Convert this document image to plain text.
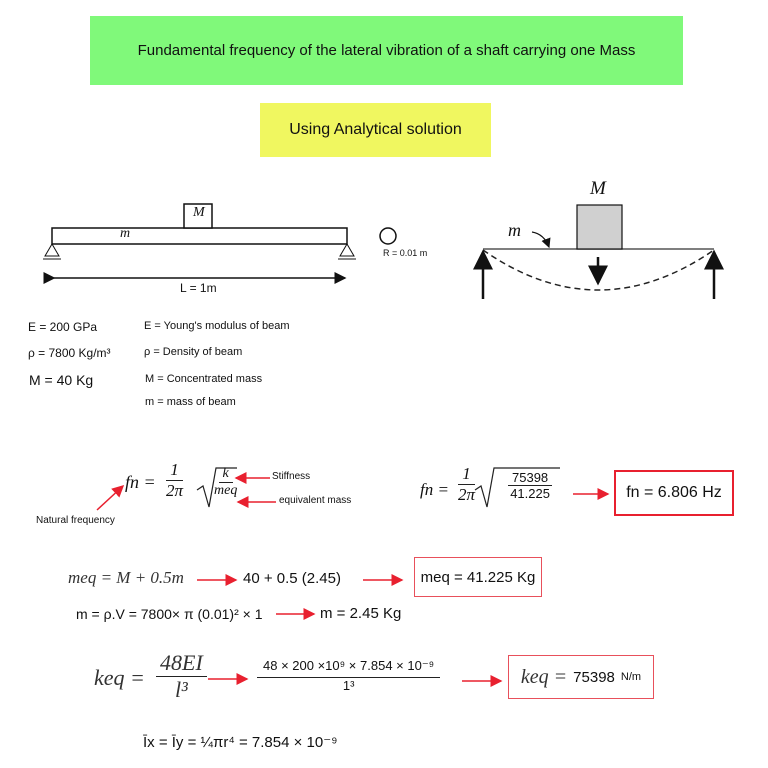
Fundamental frequency of the lateral vibration of a shaft carrying one Mass
Using Analytical solution
M
m
L = 1m
R = 0.01 m
M
m
E = 200 GPa
ρ = 7800 Kg/m³
M = 40 Kg
E = Young's modulus of beam
ρ = Density of beam
M = Concentrated mass
m = mass of beam
fn = $\frac{1}{2\pi}$	k
meq
Stiffness
equivalent mass
Natural frequency
fn = $\frac{1}{2\pi}$	$\frac{75398}{41.225}$	fn = 6.806 Hz
meq = M + 0.5m	40 + 0.5 (2.45)	meq = 41.225 Kg
m = ρ.V = 7800× π (0.01)² × 1	m = 2.45 Kg
keq = $\frac{48EI}{\text{l³}}$	$\frac{\text{48 × 200 ×10⁹ × 7.854 × 10⁻⁹}}{\text{1³}}$	keq = 75398 N/m
Īx = Īy = ¼πr⁴ = 7.854 × 10⁻⁹
